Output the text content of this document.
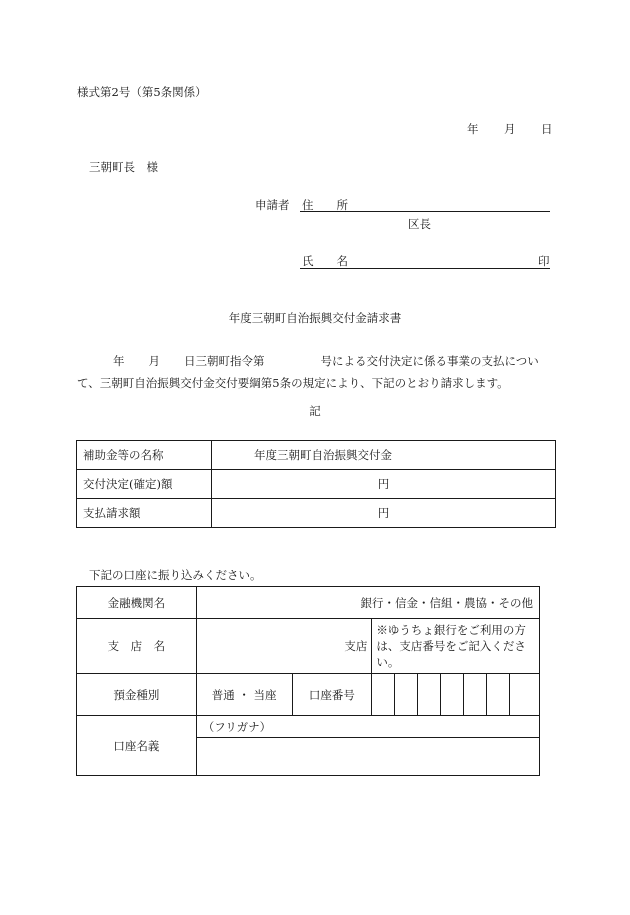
様式第2号（第5条関係）
年 月 日
三朝町長　様
申請者 住　　所
区長
氏　　名	印
年度三朝町自治振興交付金請求書
年 月 日三朝町指令第	号による交付決定に係る事業の支払につい
て、三朝町自治振興交付金交付要綱第5条の規定により、下記のとおり請求します。
記
補助金等の名称	年度三朝町自治振興交付金
交付決定(確定)額	円
支払請求額	円
下記の口座に振り込みください。
金融機関名	銀行・信金・信組・農協・その他								
支　店　名	支店		※ゆうちょ銀行をご利用の方は、支店番号をご記入ください。						
預金種別	普通 ・ 当座	口座番号							
口座名義	（フリガナ）								
